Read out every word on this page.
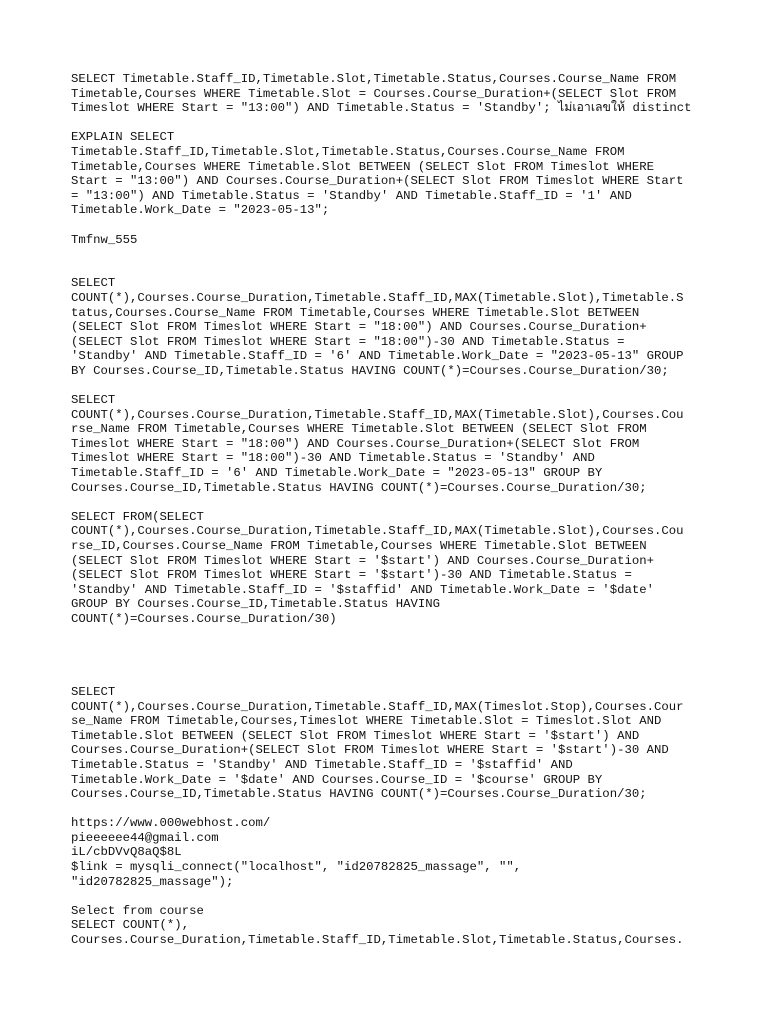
SELECT Timetable.Staff_ID,Timetable.Slot,Timetable.Status,Courses.Course_Name FROM
Timetable,Courses WHERE Timetable.Slot = Courses.Course_Duration+(SELECT Slot FROM
Timeslot WHERE Start = "13:00") AND Timetable.Status = 'Standby'; ไม่เอาเลขให้ distinct
EXPLAIN SELECT
Timetable.Staff_ID,Timetable.Slot,Timetable.Status,Courses.Course_Name FROM
Timetable,Courses WHERE Timetable.Slot BETWEEN (SELECT Slot FROM Timeslot WHERE
Start = "13:00") AND Courses.Course_Duration+(SELECT Slot FROM Timeslot WHERE Start
= "13:00") AND Timetable.Status = 'Standby' AND Timetable.Staff_ID = '1' AND
Timetable.Work_Date = "2023-05-13";
Tmfnw_555
SELECT
COUNT(*),Courses.Course_Duration,Timetable.Staff_ID,MAX(Timetable.Slot),Timetable.S
tatus,Courses.Course_Name FROM Timetable,Courses WHERE Timetable.Slot BETWEEN
(SELECT Slot FROM Timeslot WHERE Start = "18:00") AND Courses.Course_Duration+
(SELECT Slot FROM Timeslot WHERE Start = "18:00")-30 AND Timetable.Status =
'Standby' AND Timetable.Staff_ID = '6' AND Timetable.Work_Date = "2023-05-13" GROUP
BY Courses.Course_ID,Timetable.Status HAVING COUNT(*)=Courses.Course_Duration/30;
SELECT
COUNT(*),Courses.Course_Duration,Timetable.Staff_ID,MAX(Timetable.Slot),Courses.Cou
rse_Name FROM Timetable,Courses WHERE Timetable.Slot BETWEEN (SELECT Slot FROM
Timeslot WHERE Start = "18:00") AND Courses.Course_Duration+(SELECT Slot FROM
Timeslot WHERE Start = "18:00")-30 AND Timetable.Status = 'Standby' AND
Timetable.Staff_ID = '6' AND Timetable.Work_Date = "2023-05-13" GROUP BY
Courses.Course_ID,Timetable.Status HAVING COUNT(*)=Courses.Course_Duration/30;
SELECT FROM(SELECT
COUNT(*),Courses.Course_Duration,Timetable.Staff_ID,MAX(Timetable.Slot),Courses.Cou
rse_ID,Courses.Course_Name FROM Timetable,Courses WHERE Timetable.Slot BETWEEN
(SELECT Slot FROM Timeslot WHERE Start = '$start') AND Courses.Course_Duration+
(SELECT Slot FROM Timeslot WHERE Start = '$start')-30 AND Timetable.Status =
'Standby' AND Timetable.Staff_ID = '$staffid' AND Timetable.Work_Date = '$date'
GROUP BY Courses.Course_ID,Timetable.Status HAVING
COUNT(*)=Courses.Course_Duration/30)
SELECT
COUNT(*),Courses.Course_Duration,Timetable.Staff_ID,MAX(Timeslot.Stop),Courses.Cour
se_Name FROM Timetable,Courses,Timeslot WHERE Timetable.Slot = Timeslot.Slot AND
Timetable.Slot BETWEEN (SELECT Slot FROM Timeslot WHERE Start = '$start') AND
Courses.Course_Duration+(SELECT Slot FROM Timeslot WHERE Start = '$start')-30 AND
Timetable.Status = 'Standby' AND Timetable.Staff_ID = '$staffid' AND
Timetable.Work_Date = '$date' AND Courses.Course_ID = '$course' GROUP BY
Courses.Course_ID,Timetable.Status HAVING COUNT(*)=Courses.Course_Duration/30;
https://www.000webhost.com/
pieeeeee44@gmail.com
iL/cbDVvQ8aQ$8L
$link = mysqli_connect("localhost", "id20782825_massage", "",
"id20782825_massage");
Select from course
SELECT COUNT(*),
Courses.Course_Duration,Timetable.Staff_ID,Timetable.Slot,Timetable.Status,Courses.
